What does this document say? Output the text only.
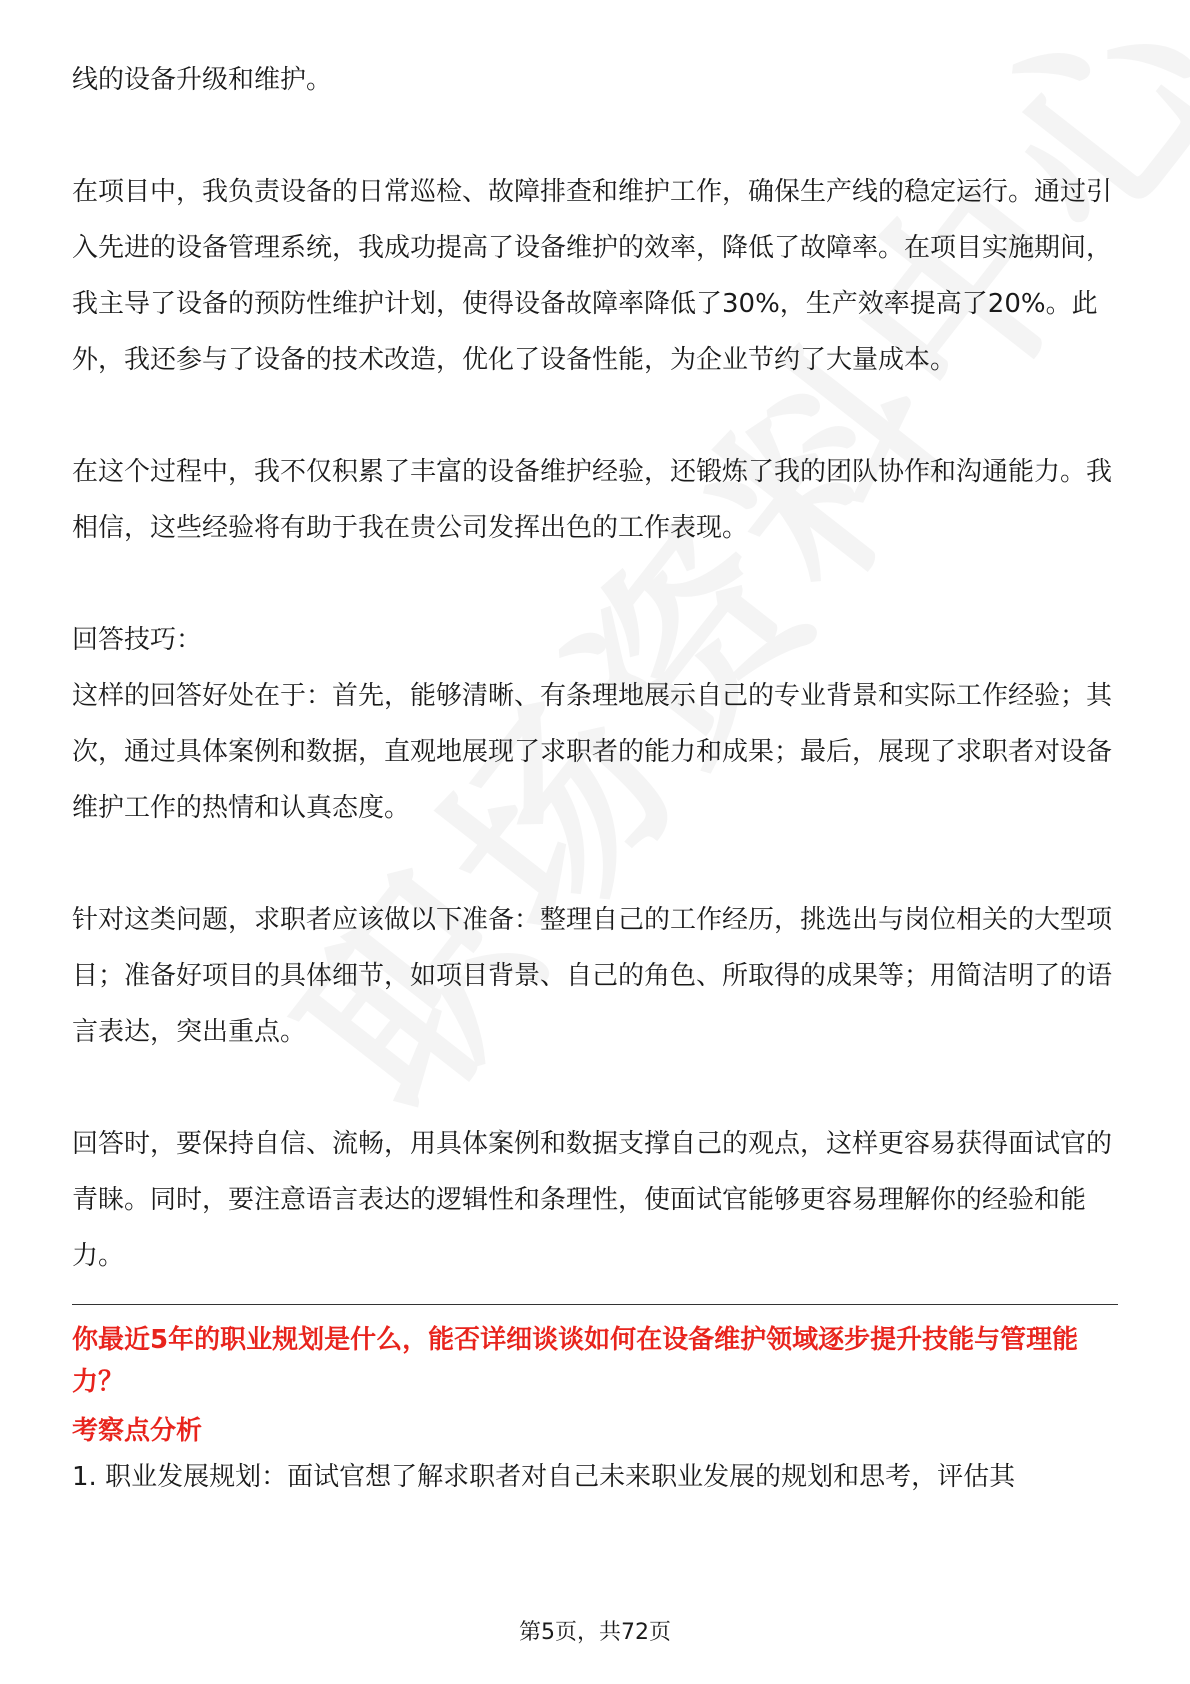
线的设备升级和维护。

在项目中，我负责设备的日常巡检、故障排查和维护工作，确保生产线的稳定运行。通过引入先进的设备管理系统，我成功提高了设备维护的效率，降低了故障率。在项目实施期间，我主导了设备的预防性维护计划，使得设备故障率降低了30%，生产效率提高了20%。此外，我还参与了设备的技术改造，优化了设备性能，为企业节约了大量成本。

在这个过程中，我不仅积累了丰富的设备维护经验，还锻炼了我的团队协作和沟通能力。我相信，这些经验将有助于我在贵公司发挥出色的工作表现。

回答技巧：

这样的回答好处在于：首先，能够清晰、有条理地展示自己的专业背景和实际工作经验；其次，通过具体案例和数据，直观地展现了求职者的能力和成果；最后，展现了求职者对设备维护工作的热情和认真态度。

针对这类问题，求职者应该做以下准备：整理自己的工作经历，挑选出与岗位相关的大型项目；准备好项目的具体细节，如项目背景、自己的角色、所取得的成果等；用简洁明了的语言表达，突出重点。

回答时，要保持自信、流畅，用具体案例和数据支撑自己的观点，这样更容易获得面试官的青睐。同时，要注意语言表达的逻辑性和条理性，使面试官能够更容易理解你的经验和能力。

你最近5年的职业规划是什么，能否详细谈谈如何在设备维护领域逐步提升技能与管理能力？

考察点分析

1. 职业发展规划：面试官想了解求职者对自己未来职业发展的规划和思考，评估其

第5页，共72页
